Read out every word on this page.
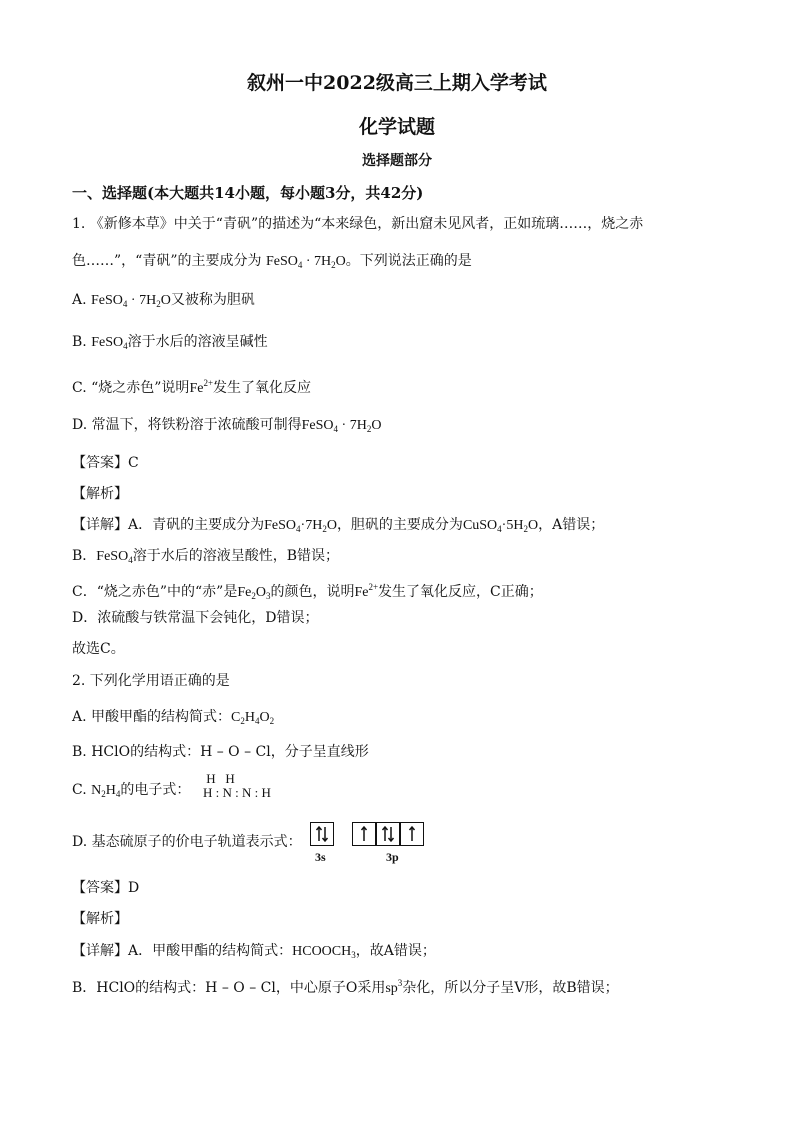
叙州一中2022级高三上期入学考试
化学试题
选择题部分
一、选择题(本大题共14小题，每小题3分，共42分)
1. 《新修本草》中关于“青矾”的描述为“本来绿色，新出窟未见风者，正如琉璃……，烧之赤
色……”，“青矾”的主要成分为 FeSO$_4$ · $7H_2O$。下列说法正确的是
A. FeSO$_4$ · $7H_2O$又被称为胆矾
B. FeSO$_4$溶于水后的溶液呈碱性
C. “烧之赤色”说明$Fe^{2+}$发生了氧化反应
D. 常温下，将铁粉溶于浓硫酸可制得FeSO$_4$ · $7H_2O$
【答案】C
【解析】
【详解】A．青矾的主要成分为$FeSO_4\cdot 7H_2O$，胆矾的主要成分为$CuSO_4\cdot 5H_2O$，A错误；
B．FeSO$_4$溶于水后的溶液呈酸性，B错误；
C．“烧之赤色”中的“赤”是$Fe_2O_3$的颜色，说明$Fe^{2+}$发生了氧化反应，C正确；
D．浓硫酸与铁常温下会钝化，D错误；
故选C。
2. 下列化学用语正确的是
A. 甲酸甲酯的结构简式：$C_2H_4O_2$
B. HClO的结构式：H – O – Cl，分子呈直线形
C. $N_2H_4$的电子式：
H   H
H : N : N : H
D. 基态硫原子的价电子轨道表示式：
3s	3p
【答案】D
【解析】
【详解】A．甲酸甲酯的结构简式：$HCOOCH_3$，故A错误；
B．HClO的结构式：H – O – Cl，中心原子O采用$sp^3$杂化，所以分子呈V形，故B错误；
